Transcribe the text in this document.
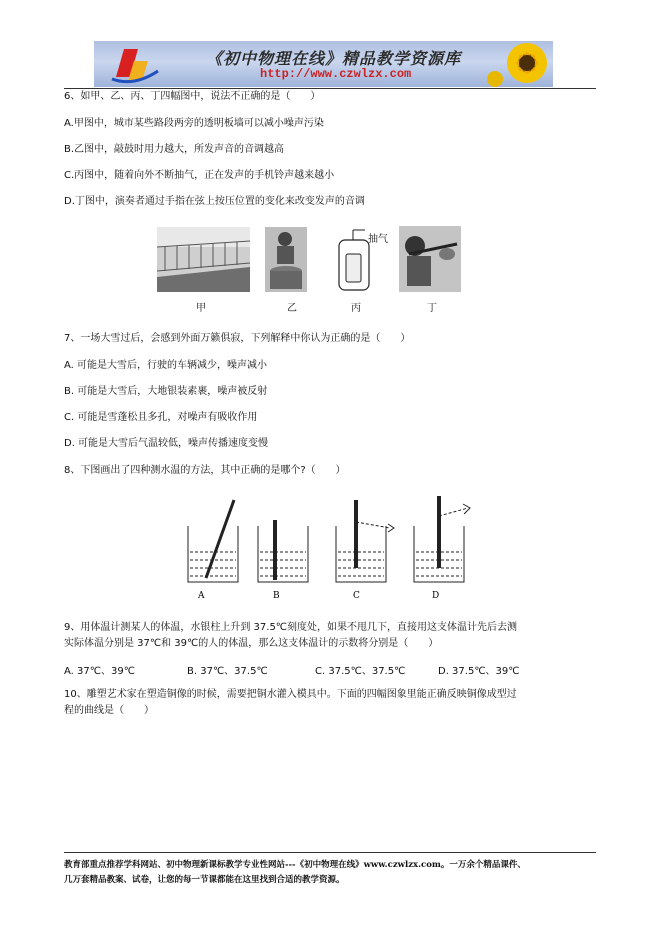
《初中物理在线》精品教学资源库
http://www.czwlzx.com
6、如甲、乙、丙、丁四幅图中，说法不正确的是（　　）
A.甲图中，城市某些路段两旁的透明板墙可以减小噪声污染
B.乙图中，敲鼓时用力越大，所发声音的音调越高
C.丙图中，随着向外不断抽气，正在发声的手机铃声越来越小
D.丁图中，演奏者通过手指在弦上按压位置的变化来改变发声的音调
抽气
甲	乙	丙	丁
7、一场大雪过后，会感到外面万籁俱寂，下列解释中你认为正确的是（　　）
A. 可能是大雪后，行驶的车辆减少，噪声减小
B. 可能是大雪后，大地银装素裹，噪声被反射
C. 可能是雪蓬松且多孔，对噪声有吸收作用
D. 可能是大雪后气温较低，噪声传播速度变慢
8、下图画出了四种测水温的方法，其中正确的是哪个?（　　）
A	B	C	D
9、用体温计测某人的体温，水银柱上升到 37.5℃刻度处，如果不甩几下，直接用这支体温计先后去测
实际体温分别是 37℃和 39℃的人的体温，那么这支体温计的示数将分别是（　　）
A. 37℃、39℃	B. 37℃、37.5℃	C. 37.5℃、37.5℃	D. 37.5℃、39℃
10、雕塑艺术家在塑造铜像的时候，需要把铜水灌入模具中。下面的四幅图象里能正确反映铜像成型过
程的曲线是（　　）
教育部重点推荐学科网站、初中物理新课标教学专业性网站---《初中物理在线》www.czwlzx.com。一万余个精品课件、
几万套精品教案、试卷，让您的每一节课都能在这里找到合适的教学资源。
